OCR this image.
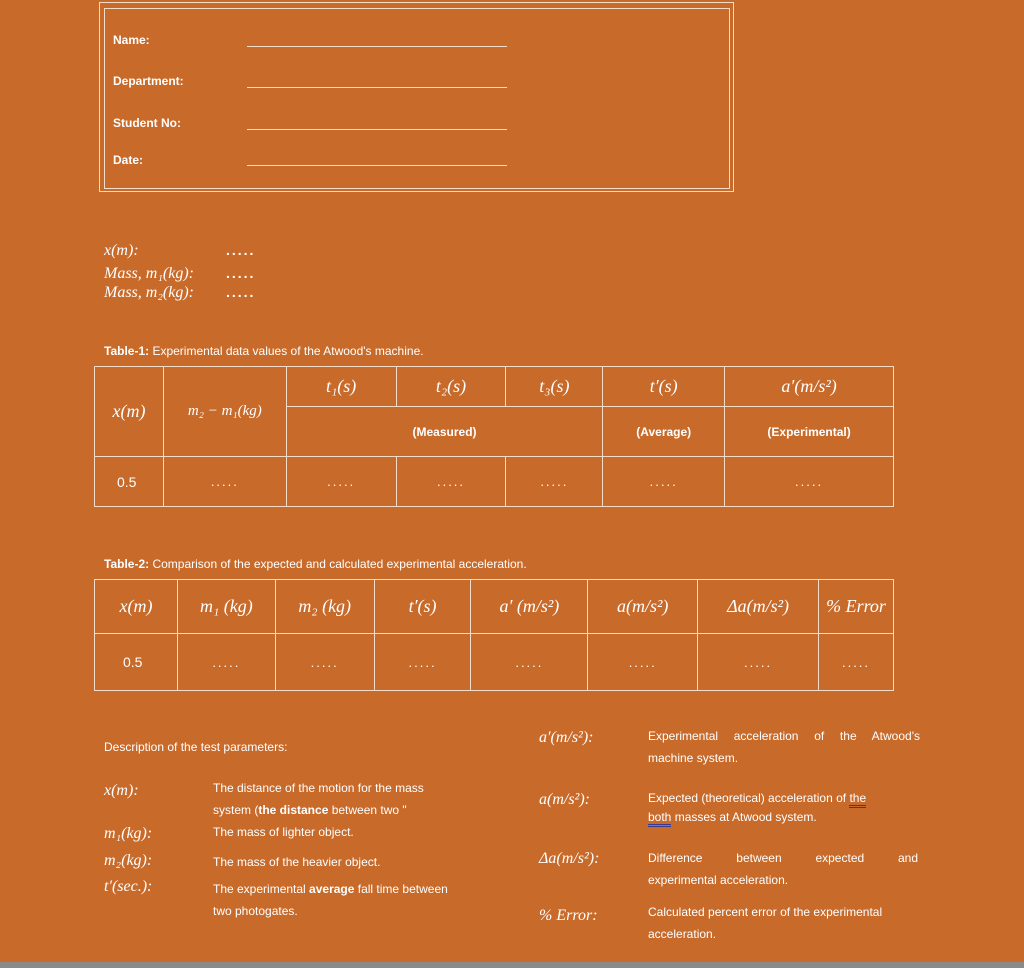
Name:
Department:
Student No:
Date:
x(m):	.....
Mass, m₁(kg): .....
Mass, m₂(kg): .....
Table-1: Experimental data values of the Atwood's machine.
x(m)	m₂ − m₁(kg)	t₁(s)	t₂(s)	t₃(s)	t′(s)	a′(m/s²)
		(Measured)			(Average)	(Experimental)
0.5	.....	.....	.....	.....	.....	.....
Table-2: Comparison of the expected and calculated experimental acceleration.
x(m)	m₁ (kg)	m₂ (kg)	t′(s)	a′ (m/s²)	a(m/s²)	Δa(m/s²)	% Error
0.5	.....	.....	.....	.....	.....	.....	.....
Description of the test parameters:
x(m):	The distance of the motion for the mass
system (the distance between two "
m₁(kg):	The mass of lighter object.
m₂(kg):	The mass of the heavier object.
t′(sec.):	The experimental average fall time between
two photogates.
a′(m/s²):	Experimental acceleration of the Atwood's
machine system.
a(m/s²):	Expected (theoretical) acceleration of the
both masses at Atwood system.
Δa(m/s²):	Difference between expected and
experimental acceleration.
% Error:	Calculated percent error of the experimental
acceleration.
